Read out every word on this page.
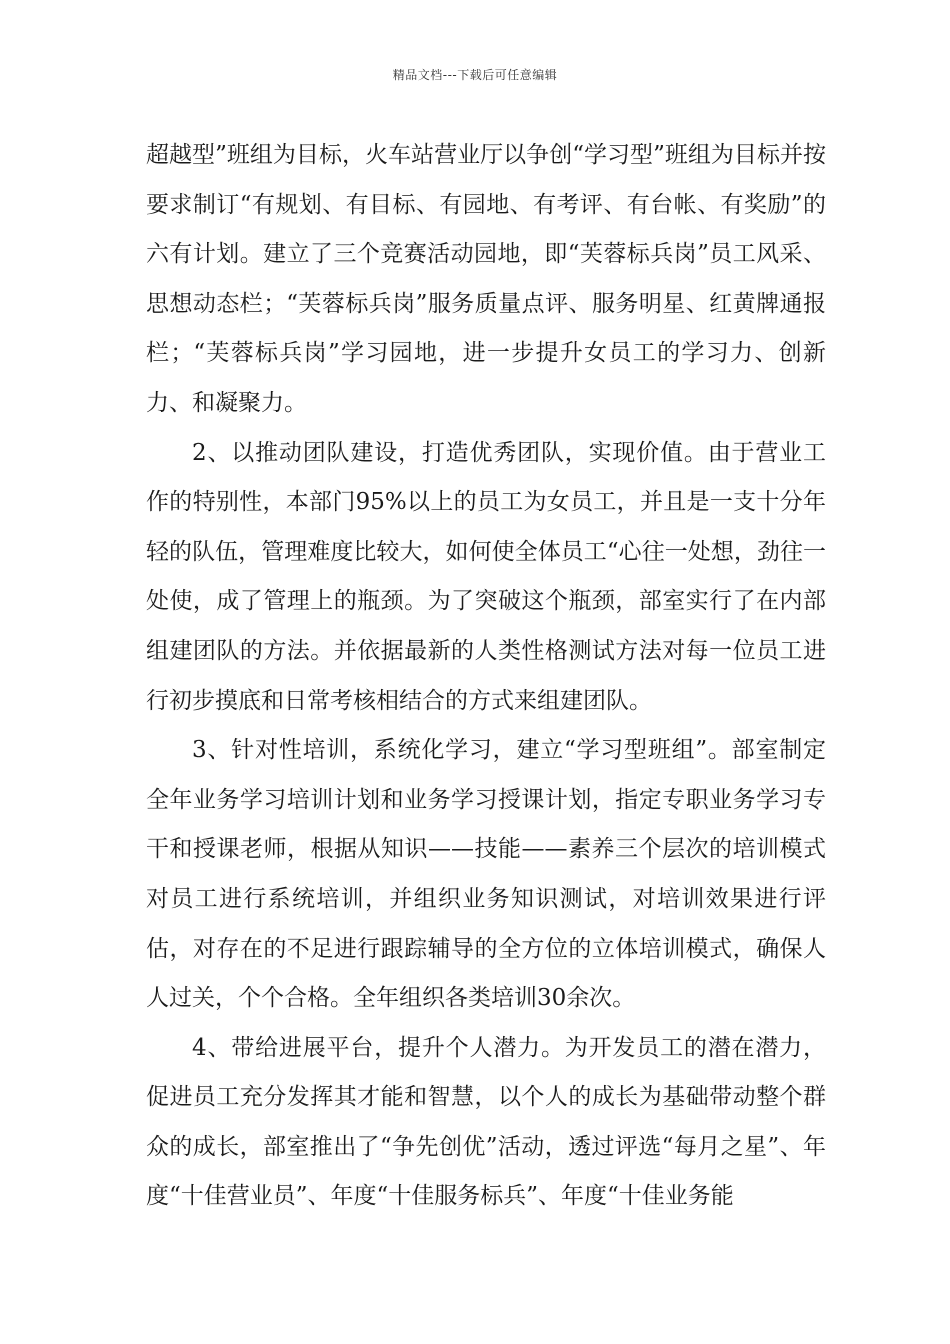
精品文档---下载后可任意编辑

超越型”班组为目标，火车站营业厅以争创“学习型”班组为目标并按要求制订“有规划、有目标、有园地、有考评、有台帐、有奖励”的六有计划。建立了三个竞赛活动园地，即“芙蓉标兵岗”员工风采、思想动态栏；“芙蓉标兵岗”服务质量点评、服务明星、红黄牌通报栏；“芙蓉标兵岗”学习园地，进一步提升女员工的学习力、创新力、和凝聚力。

2、以推动团队建设，打造优秀团队，实现价值。由于营业工作的特别性，本部门95%以上的员工为女员工，并且是一支十分年轻的队伍，管理难度比较大，如何使全体员工“心往一处想，劲往一处使，成了管理上的瓶颈。为了突破这个瓶颈，部室实行了在内部组建团队的方法。并依据最新的人类性格测试方法对每一位员工进行初步摸底和日常考核相结合的方式来组建团队。

3、针对性培训，系统化学习，建立“学习型班组”。部室制定全年业务学习培训计划和业务学习授课计划，指定专职业务学习专干和授课老师，根据从知识——技能——素养三个层次的培训模式对员工进行系统培训，并组织业务知识测试，对培训效果进行评估，对存在的不足进行跟踪辅导的全方位的立体培训模式，确保人人过关，个个合格。全年组织各类培训30余次。

4、带给进展平台，提升个人潜力。为开发员工的潜在潜力，促进员工充分发挥其才能和智慧，以个人的成长为基础带动整个群众的成长，部室推出了“争先创优”活动，透过评选“每月之星”、年度“十佳营业员”、年度“十佳服务标兵”、年度“十佳业务能
